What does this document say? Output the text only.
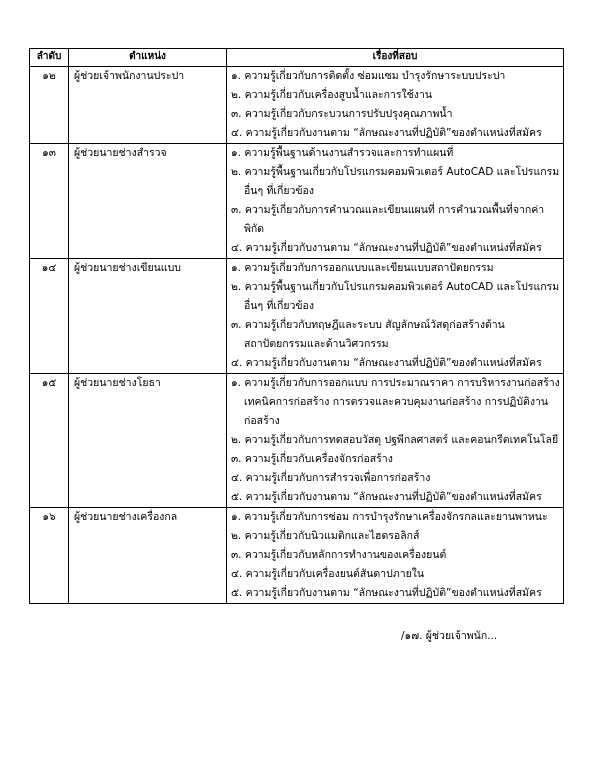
ลำดับ	ตำแหน่ง	เรื่องที่สอบ
๑๒	ผู้ช่วยเจ้าพนักงานประปา	๑. ความรู้เกี่ยวกับการติดตั้ง ซ่อมแซม บำรุงรักษาระบบประปา
๒. ความรู้เกี่ยวกับเครื่องสูบน้ำและการใช้งาน
๓. ความรู้เกี่ยวกับกระบวนการปรับปรุงคุณภาพน้ำ
๔. ความรู้เกี่ยวกับงานตาม “ลักษณะงานที่ปฏิบัติ”ของตำแหน่งที่สมัคร

๑๓	ผู้ช่วยนายช่างสำรวจ	๑. ความรู้พื้นฐานด้านงานสำรวจและการทำแผนที่
๒. ความรู้พื้นฐานเกี่ยวกับโปรแกรมคอมพิวเตอร์ AutoCAD และโปรแกรมอื่นๆ ที่เกี่ยวข้อง
๓. ความรู้เกี่ยวกับการคำนวณและเขียนแผนที่ การคำนวณพื้นที่จากค่าพิกัด
๔. ความรู้เกี่ยวกับงานตาม “ลักษณะงานที่ปฏิบัติ”ของตำแหน่งที่สมัคร

๑๔	ผู้ช่วยนายช่างเขียนแบบ	๑. ความรู้เกี่ยวกับการออกแบบและเขียนแบบสถาปัตยกรรม
๒. ความรู้พื้นฐานเกี่ยวกับโปรแกรมคอมพิวเตอร์ AutoCAD และโปรแกรมอื่นๆ ที่เกี่ยวข้อง
๓. ความรู้เกี่ยวกับทฤษฎีและระบบ สัญลักษณ์วัสดุก่อสร้างด้านสถาปัตยกรรมและด้านวิศวกรรม
๔. ความรู้เกี่ยวกับงานตาม “ลักษณะงานที่ปฏิบัติ”ของตำแหน่งที่สมัคร

๑๕	ผู้ช่วยนายช่างโยธา	๑. ความรู้เกี่ยวกับการออกแบบ การประมาณราคา การบริหารงานก่อสร้าง เทคนิคการก่อสร้าง การตรวจและควบคุมงานก่อสร้าง การปฏิบัติงานก่อสร้าง
๒. ความรู้เกี่ยวกับการทดสอบวัสดุ ปฐพีกลศาสตร์ และคอนกรีตเทคโนโลยี
๓. ความรู้เกี่ยวกับเครื่องจักรก่อสร้าง
๔. ความรู้เกี่ยวกับการสำรวจเพื่อการก่อสร้าง
๕. ความรู้เกี่ยวกับงานตาม “ลักษณะงานที่ปฏิบัติ”ของตำแหน่งที่สมัคร

๑๖	ผู้ช่วยนายช่างเครื่องกล	๑. ความรู้เกี่ยวกับการซ่อม การบำรุงรักษาเครื่องจักรกลและยานพาหนะ
๒. ความรู้เกี่ยวกับนิวแมติกและไฮดรอลิกส์
๓. ความรู้เกี่ยวกับหลักการทำงานของเครื่องยนต์
๔. ความรู้เกี่ยวกับเครื่องยนต์สันดาปภายใน
๕. ความรู้เกี่ยวกับงานตาม “ลักษณะงานที่ปฏิบัติ”ของตำแหน่งที่สมัคร
/๑๗. ผู้ช่วยเจ้าพนัก...
